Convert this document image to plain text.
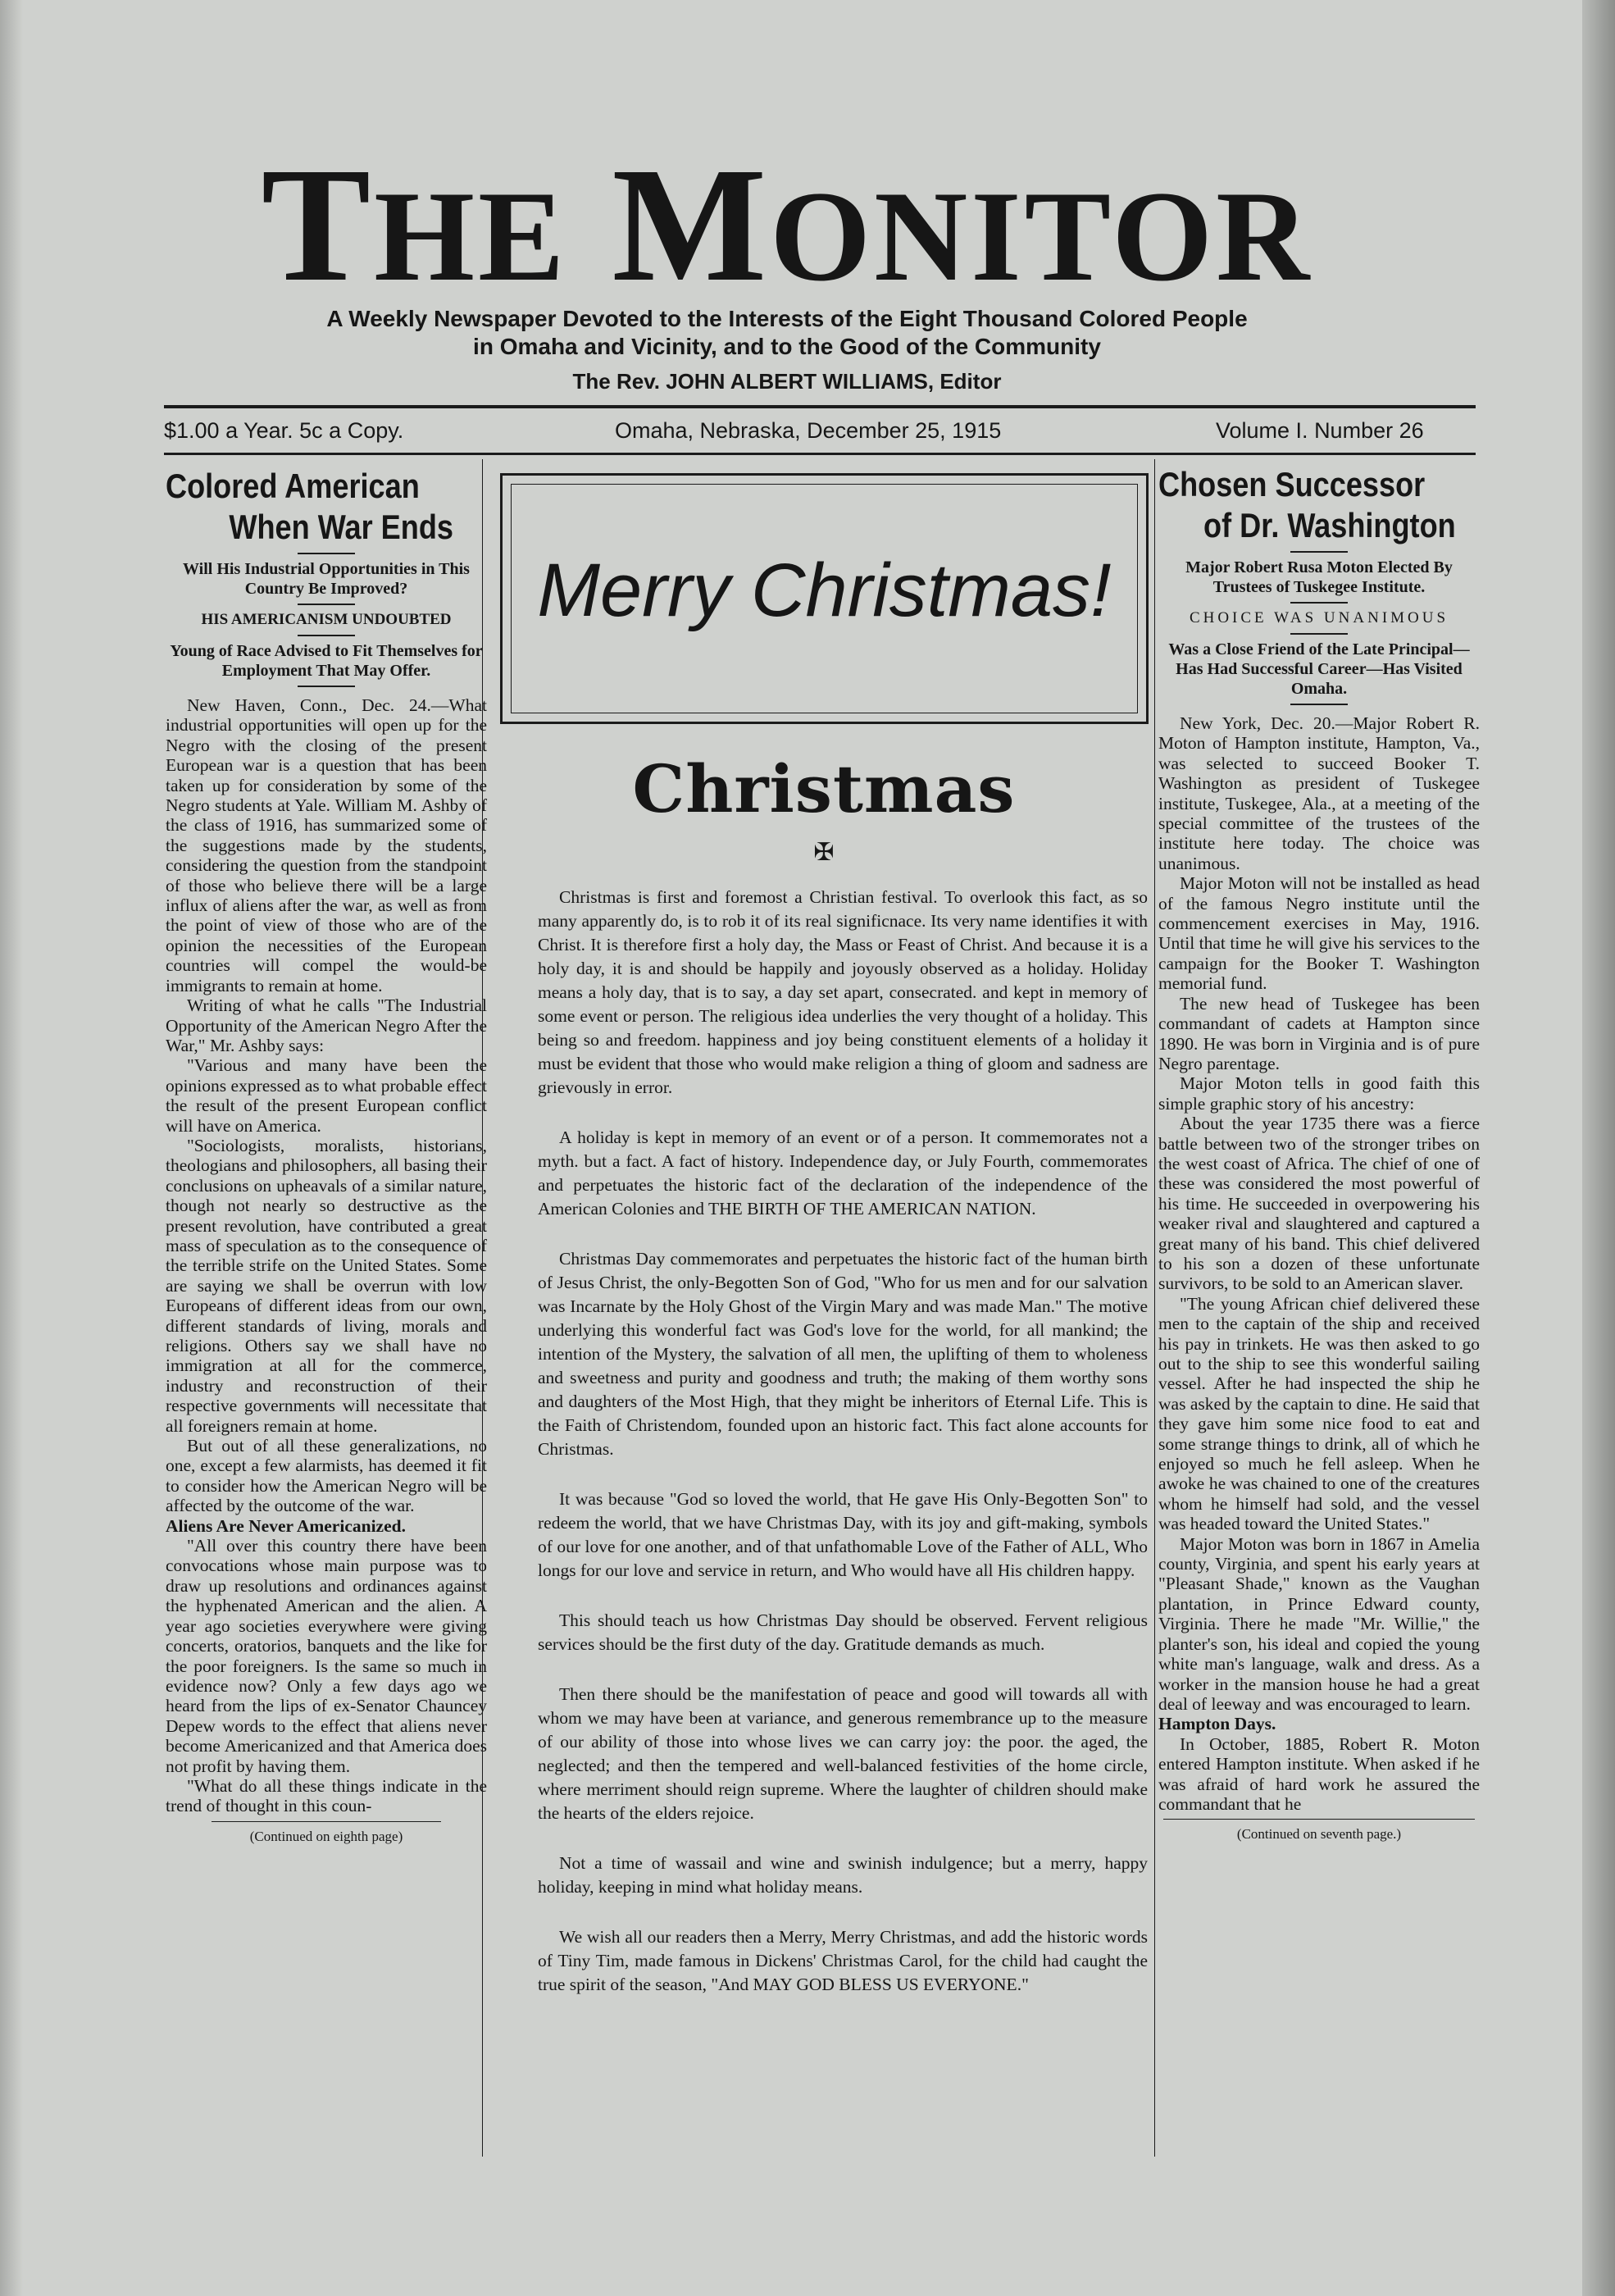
THE MONITOR
A Weekly Newspaper Devoted to the Interests of the Eight Thousand Colored People
in Omaha and Vicinity, and to the Good of the Community
The Rev. JOHN ALBERT WILLIAMS, Editor
$1.00 a Year. 5c a Copy.	Omaha, Nebraska, December 25, 1915	Volume I. Number 26
Colored American
When War Ends
Will His Industrial Opportunities in This Country Be Improved?
HIS AMERICANISM UNDOUBTED
Young of Race Advised to Fit Themselves for Employment That May Offer.

New Haven, Conn., Dec. 24.—What industrial opportunities will open up for the Negro with the closing of the present European war is a question that has been taken up for consideration by some of the Negro students at Yale. William M. Ashby of the class of 1916, has summarized some of the suggestions made by the students, considering the question from the standpoint of those who believe there will be a large influx of aliens after the war, as well as from the point of view of those who are of the opinion the necessities of the European countries will compel the would-be immigrants to remain at home.

Writing of what he calls "The Industrial Opportunity of the American Negro After the War," Mr. Ashby says:

"Various and many have been the opinions expressed as to what probable effect the result of the present European conflict will have on America.

"Sociologists, moralists, historians, theologians and philosophers, all basing their conclusions on upheavals of a similar nature, though not nearly so destructive as the present revolution, have contributed a great mass of speculation as to the consequence of the terrible strife on the United States. Some are saying we shall be overrun with low Europeans of different ideas from our own, different standards of living, morals and religions. Others say we shall have no immigration at all for the commerce, industry and reconstruction of their respective governments will necessitate that all foreigners remain at home.

But out of all these generalizations, no one, except a few alarmists, has deemed it fit to consider how the American Negro will be affected by the outcome of the war.

Aliens Are Never Americanized.

"All over this country there have been convocations whose main purpose was to draw up resolutions and ordinances against the hyphenated American and the alien. A year ago societies everywhere were giving concerts, oratorios, banquets and the like for the poor foreigners. Is the same so much in evidence now? Only a few days ago we heard from the lips of ex-Senator Chauncey Depew words to the effect that aliens never become Americanized and that America does not profit by having them.

"What do all these things indicate in the trend of thought in this coun-

(Continued on eighth page)
Merry Christmas!
Christmas
✠

Christmas is first and foremost a Christian festival. To overlook this fact, as so many apparently do, is to rob it of its real significnace. Its very name identifies it with Christ. It is therefore first a holy day, the Mass or Feast of Christ. And because it is a holy day, it is and should be happily and joyously observed as a holiday. Holiday means a holy day, that is to say, a day set apart, consecrated. and kept in memory of some event or person. The religious idea underlies the very thought of a holiday. This being so and freedom. happiness and joy being constituent elements of a holiday it must be evident that those who would make religion a thing of gloom and sadness are grievously in error.

A holiday is kept in memory of an event or of a person. It commemorates not a myth. but a fact. A fact of history. Independence day, or July Fourth, commemorates and perpetuates the historic fact of the declaration of the independence of the American Colonies and THE BIRTH OF THE AMERICAN NATION.

Christmas Day commemorates and perpetuates the historic fact of the human birth of Jesus Christ, the only-Begotten Son of God, "Who for us men and for our salvation was Incarnate by the Holy Ghost of the Virgin Mary and was made Man." The motive underlying this wonderful fact was God's love for the world, for all mankind; the intention of the Mystery, the salvation of all men, the uplifting of them to wholeness and sweetness and purity and goodness and truth; the making of them worthy sons and daughters of the Most High, that they might be inheritors of Eternal Life. This is the Faith of Christendom, founded upon an historic fact. This fact alone accounts for Christmas.

It was because "God so loved the world, that He gave His Only-Begotten Son" to redeem the world, that we have Christmas Day, with its joy and gift-making, symbols of our love for one another, and of that unfathomable Love of the Father of ALL, Who longs for our love and service in return, and Who would have all His children happy.

This should teach us how Christmas Day should be observed. Fervent religious services should be the first duty of the day. Gratitude demands as much.

Then there should be the manifestation of peace and good will towards all with whom we may have been at variance, and generous remembrance up to the measure of our ability of those into whose lives we can carry joy: the poor. the aged, the neglected; and then the tempered and well-balanced festivities of the home circle, where merriment should reign supreme. Where the laughter of children should make the hearts of the elders rejoice.

Not a time of wassail and wine and swinish indulgence; but a merry, happy holiday, keeping in mind what holiday means.

We wish all our readers then a Merry, Merry Christmas, and add the historic words of Tiny Tim, made famous in Dickens' Christmas Carol, for the child had caught the true spirit of the season, "And MAY GOD BLESS US EVERYONE."

Chosen Successor
of Dr. Washington
Major Robert Rusa Moton Elected By Trustees of Tuskegee Institute.
CHOICE WAS UNANIMOUS
Was a Close Friend of the Late Principal—Has Had Successful Career—Has Visited Omaha.

New York, Dec. 20.—Major Robert R. Moton of Hampton institute, Hampton, Va., was selected to succeed Booker T. Washington as president of Tuskegee institute, Tuskegee, Ala., at a meeting of the special committee of the trustees of the institute here today. The choice was unanimous.

Major Moton will not be installed as head of the famous Negro institute until the commencement exercises in May, 1916. Until that time he will give his services to the campaign for the Booker T. Washington memorial fund.

The new head of Tuskegee has been commandant of cadets at Hampton since 1890. He was born in Virginia and is of pure Negro parentage.

Major Moton tells in good faith this simple graphic story of his ancestry:

About the year 1735 there was a fierce battle between two of the stronger tribes on the west coast of Africa. The chief of one of these was considered the most powerful of his time. He succeeded in overpowering his weaker rival and slaughtered and captured a great many of his band. This chief delivered to his son a dozen of these unfortunate survivors, to be sold to an American slaver.

"The young African chief delivered these men to the captain of the ship and received his pay in trinkets. He was then asked to go out to the ship to see this wonderful sailing vessel. After he had inspected the ship he was asked by the captain to dine. He said that they gave him some nice food to eat and some strange things to drink, all of which he enjoyed so much he fell asleep. When he awoke he was chained to one of the creatures whom he himself had sold, and the vessel was headed toward the United States."

Major Moton was born in 1867 in Amelia county, Virginia, and spent his early years at "Pleasant Shade," known as the Vaughan plantation, in Prince Edward county, Virginia. There he made "Mr. Willie," the planter's son, his ideal and copied the young white man's language, walk and dress. As a worker in the mansion house he had a great deal of leeway and was encouraged to learn.

Hampton Days.

In October, 1885, Robert R. Moton entered Hampton institute. When asked if he was afraid of hard work he assured the commandant that he

(Continued on seventh page.)
